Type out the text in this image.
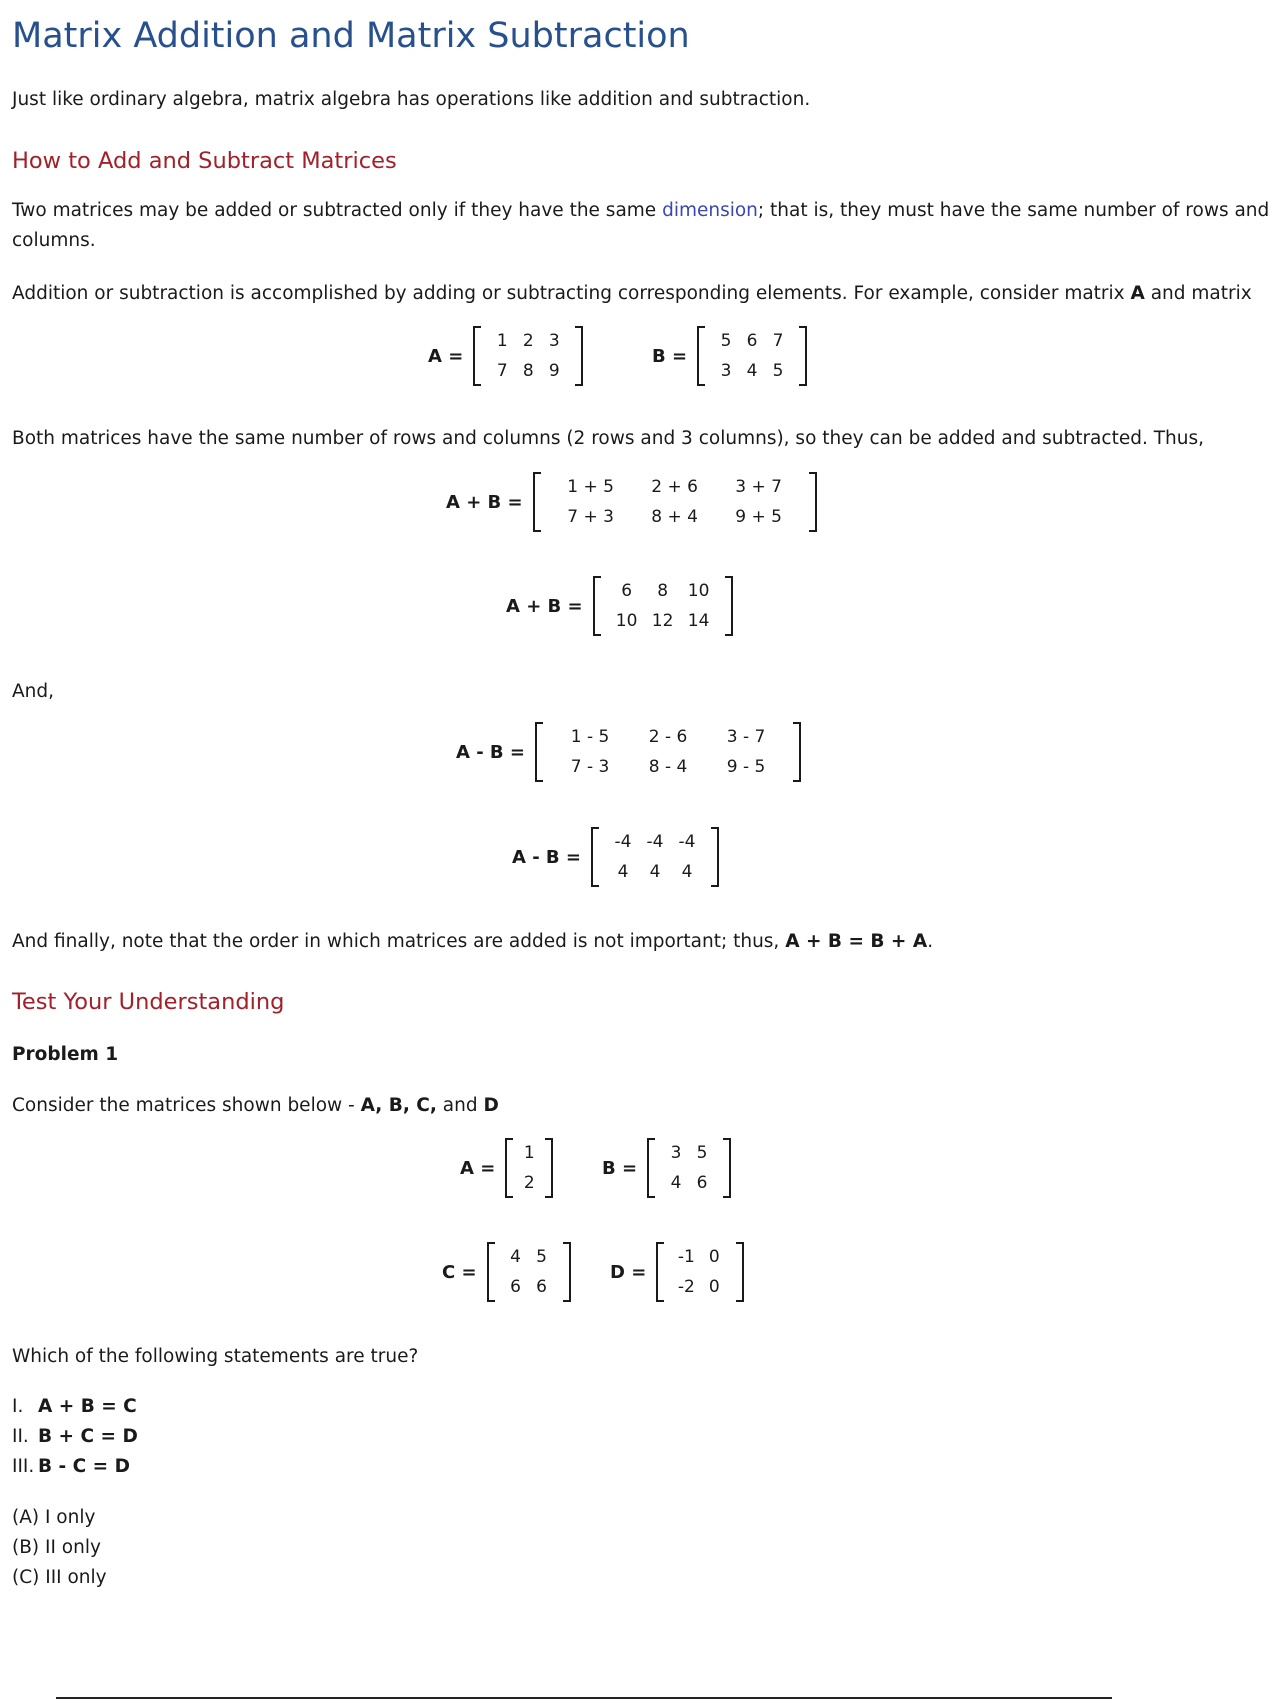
Matrix Addition and Matrix Subtraction
Just like ordinary algebra, matrix algebra has operations like addition and subtraction.
How to Add and Subtract Matrices
Two matrices may be added or subtracted only if they have the same dimension; that is, they must have the same number of rows and
columns.
Addition or subtraction is accomplished by adding or subtracting corresponding elements. For example, consider matrix A and matrix
A =
1 2 3
7 8 9
B =
5 6 7
3 4 5
Both matrices have the same number of rows and columns (2 rows and 3 columns), so they can be added and subtracted. Thus,
A + B =
1 + 5	2 + 6	3 + 7
7 + 3	8 + 4	9 + 5
A + B =
6	8	10
10 12 14
And,
A - B =
1 - 5	2 - 6	3 - 7
7 - 3	8 - 4	9 - 5
A - B =
-4 -4 -4
4	4	4
And finally, note that the order in which matrices are added is not important; thus, A + B = B + A.
Test Your Understanding
Problem 1
Consider the matrices shown below - A, B, C, and D
A =
1
2
B =
3 5
4 6
C =
4 5
6 6
D =
-1 0
-2 0
Which of the following statements are true?
I. A + B = C
II. B + C = D
III. B - C = D
(A) I only
(B) II only
(C) III only
